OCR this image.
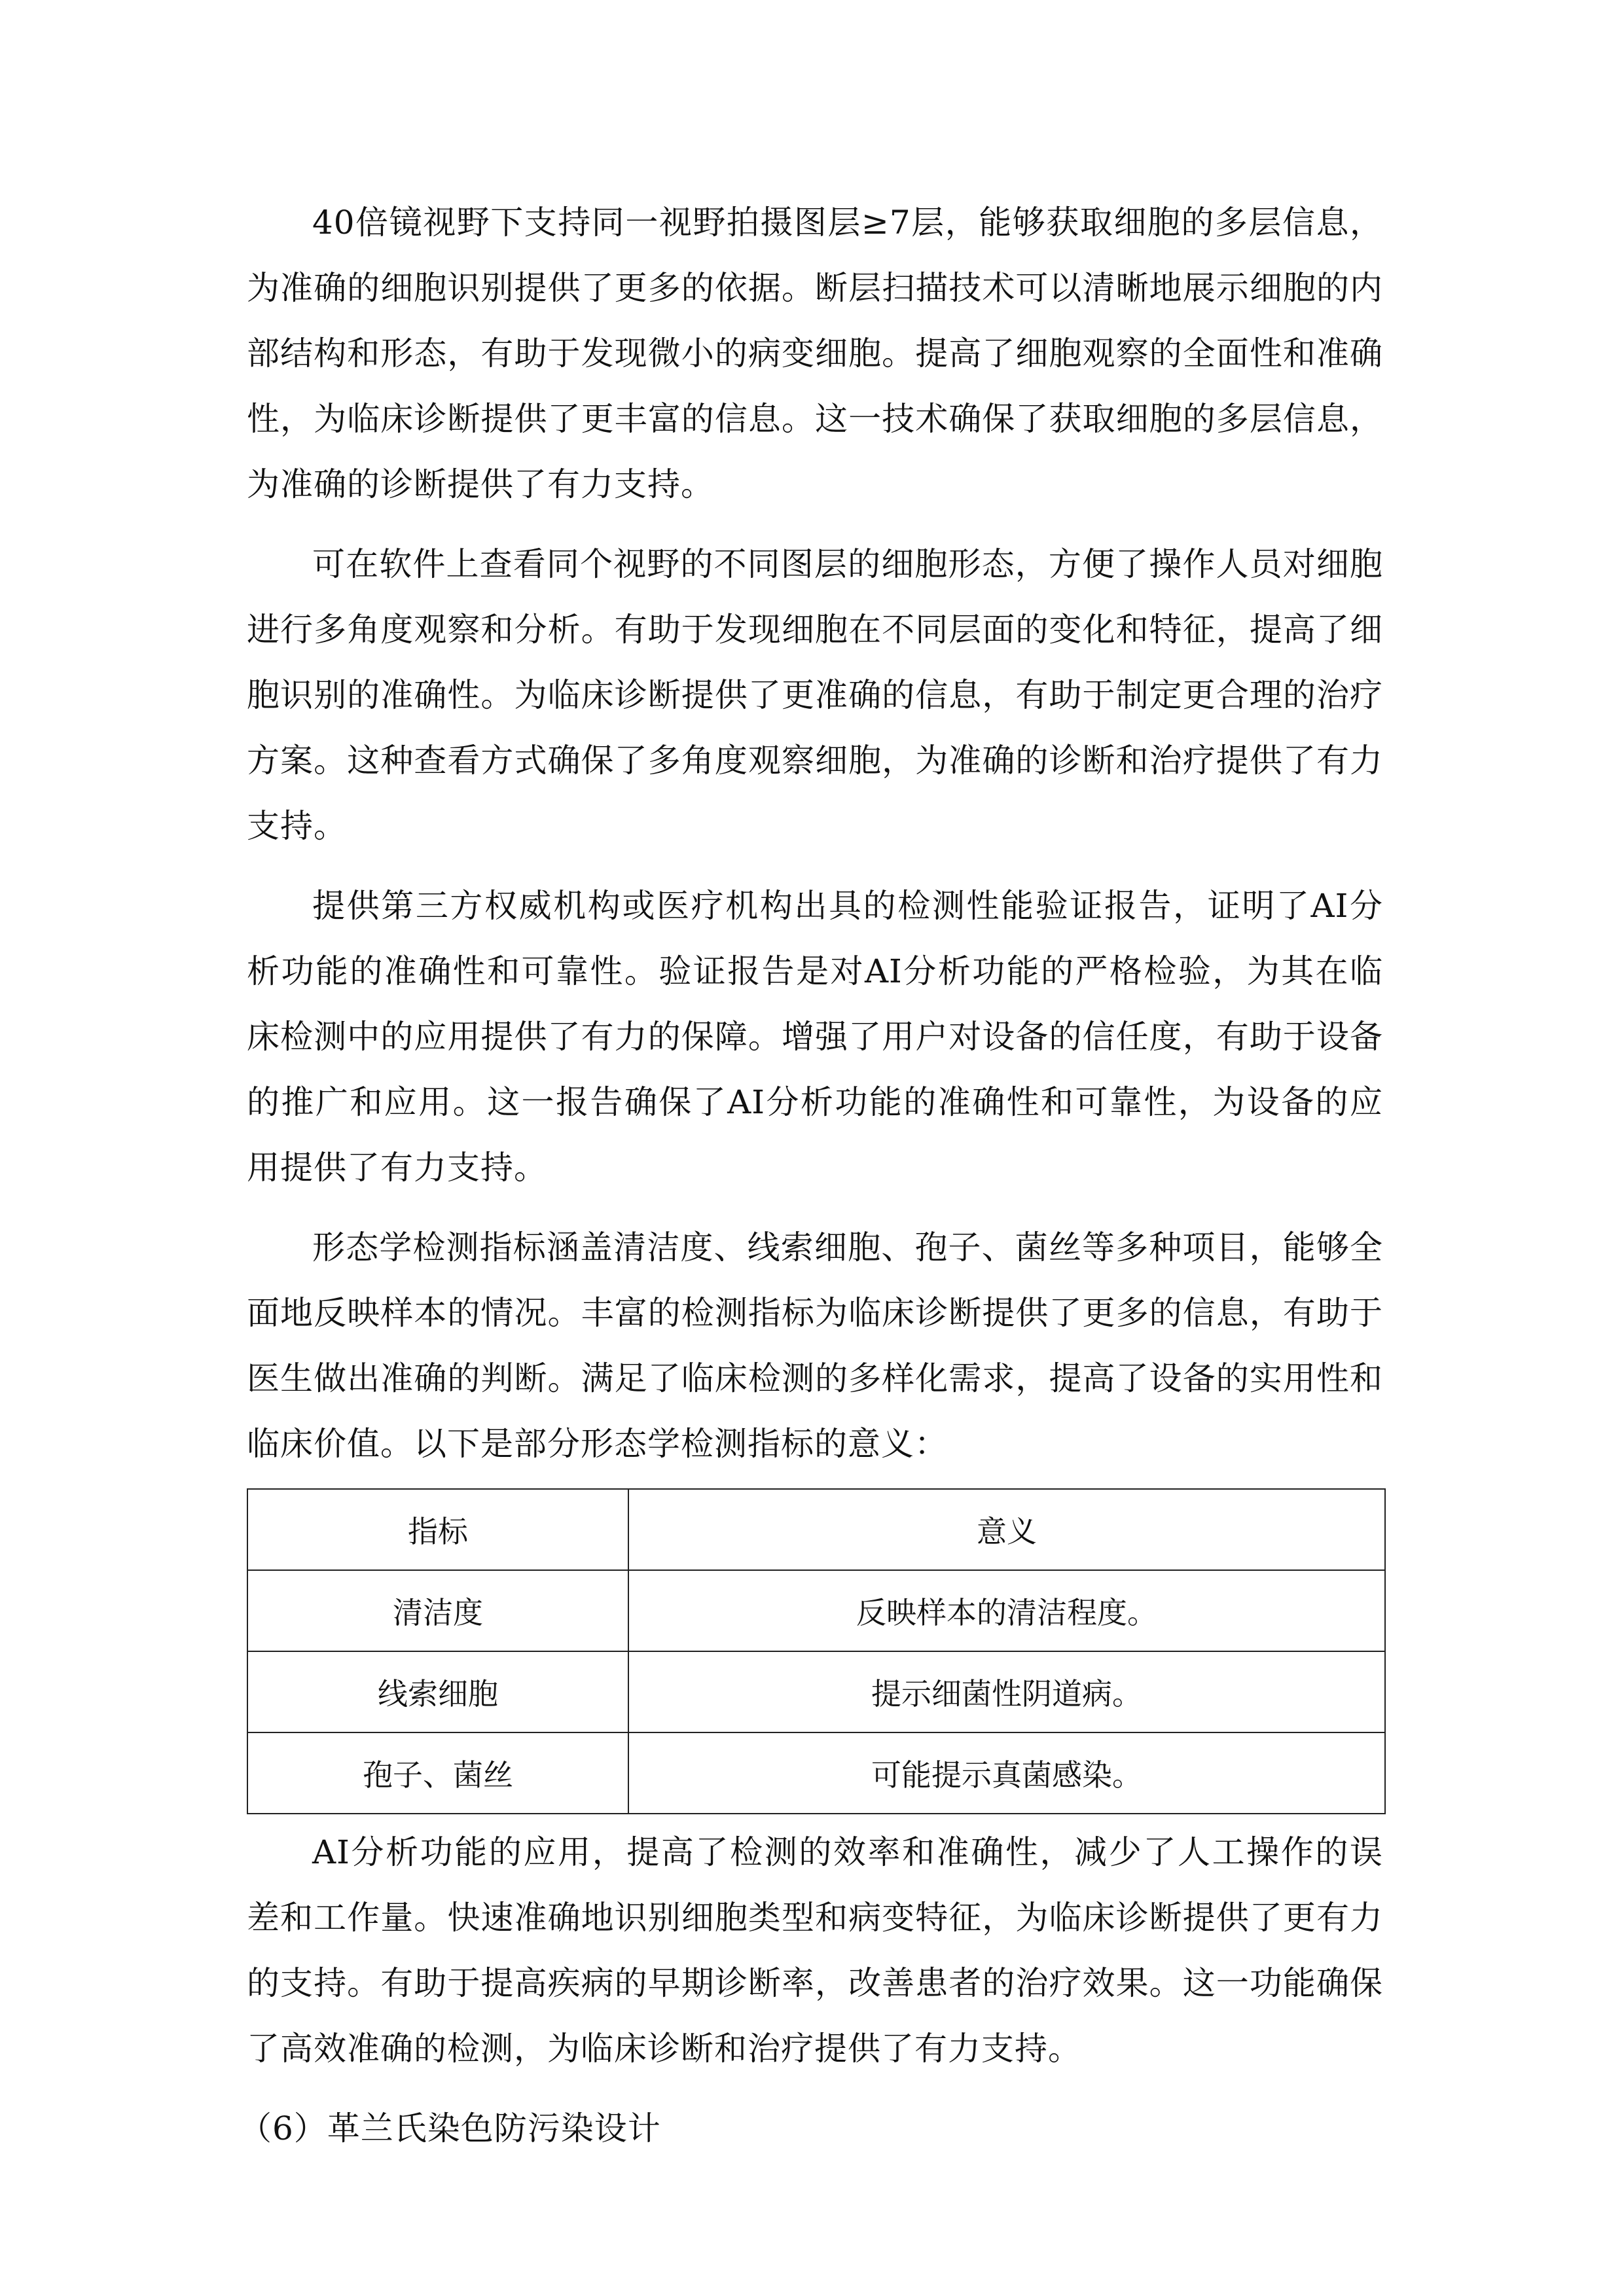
40倍镜视野下支持同一视野拍摄图层≥7层，能够获取细胞的多层信息，为准确的细胞识别提供了更多的依据。断层扫描技术可以清晰地展示细胞的内部结构和形态，有助于发现微小的病变细胞。提高了细胞观察的全面性和准确性，为临床诊断提供了更丰富的信息。这一技术确保了获取细胞的多层信息，为准确的诊断提供了有力支持。

可在软件上查看同个视野的不同图层的细胞形态，方便了操作人员对细胞进行多角度观察和分析。有助于发现细胞在不同层面的变化和特征，提高了细胞识别的准确性。为临床诊断提供了更准确的信息，有助于制定更合理的治疗方案。这种查看方式确保了多角度观察细胞，为准确的诊断和治疗提供了有力支持。

提供第三方权威机构或医疗机构出具的检测性能验证报告，证明了AI分析功能的准确性和可靠性。验证报告是对AI分析功能的严格检验，为其在临床检测中的应用提供了有力的保障。增强了用户对设备的信任度，有助于设备的推广和应用。这一报告确保了AI分析功能的准确性和可靠性，为设备的应用提供了有力支持。

形态学检测指标涵盖清洁度、线索细胞、孢子、菌丝等多种项目，能够全面地反映样本的情况。丰富的检测指标为临床诊断提供了更多的信息，有助于医生做出准确的判断。满足了临床检测的多样化需求，提高了设备的实用性和临床价值。以下是部分形态学检测指标的意义：

指标	意义
清洁度	反映样本的清洁程度。
线索细胞	提示细菌性阴道病。
孢子、菌丝	可能提示真菌感染。

AI分析功能的应用，提高了检测的效率和准确性，减少了人工操作的误差和工作量。快速准确地识别细胞类型和病变特征，为临床诊断提供了更有力的支持。有助于提高疾病的早期诊断率，改善患者的治疗效果。这一功能确保了高效准确的检测，为临床诊断和治疗提供了有力支持。

（6）革兰氏染色防污染设计
